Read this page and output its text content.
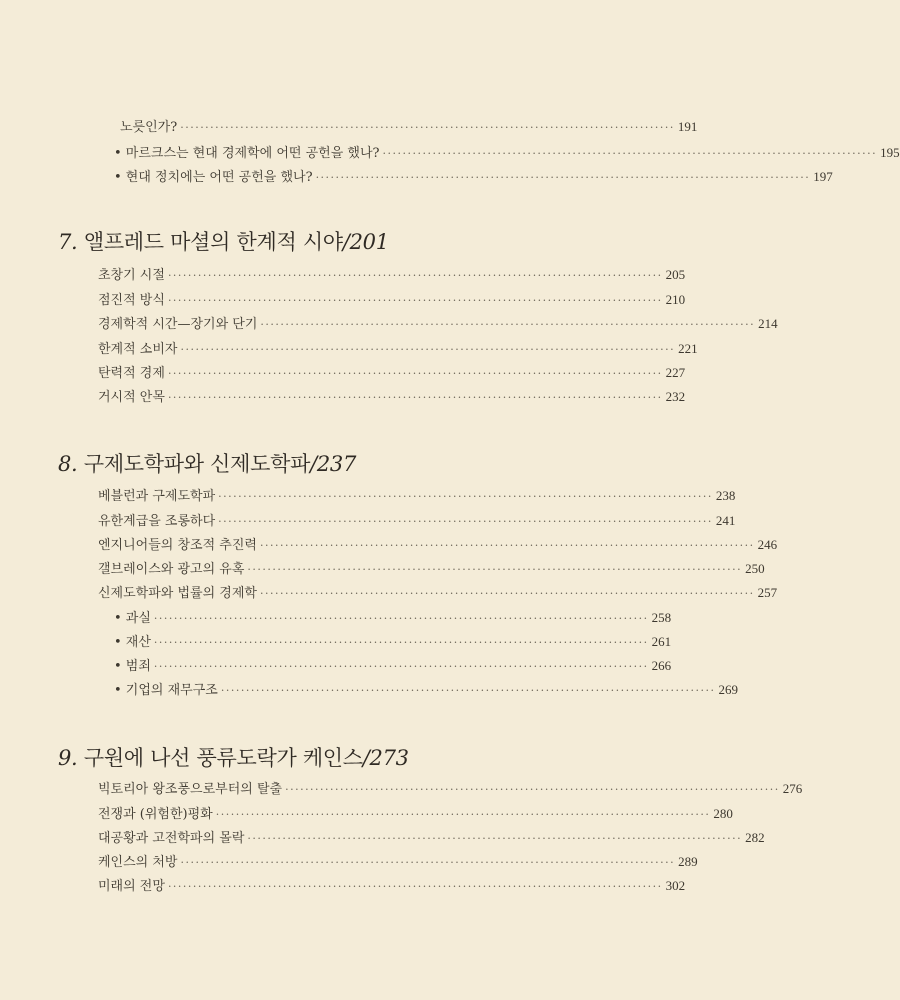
노릇인가? ··································································································· 191
• 마르크스는 현대 경제학에 어떤 공헌을 했나? ··································································································· 195
• 현대 정치에는 어떤 공헌을 했나? ··································································································· 197
7. 앨프레드 마셜의 한계적 시야/201
초창기 시절 ··································································································· 205
점진적 방식 ··································································································· 210
경제학적 시간—장기와 단기 ··································································································· 214
한계적 소비자 ··································································································· 221
탄력적 경제 ··································································································· 227
거시적 안목 ··································································································· 232
8. 구제도학파와 신제도학파/237
베블런과 구제도학파 ··································································································· 238
유한계급을 조롱하다 ··································································································· 241
엔지니어들의 창조적 추진력 ··································································································· 246
갤브레이스와 광고의 유혹 ··································································································· 250
신제도학파와 법률의 경제학 ··································································································· 257
• 과실 ··································································································· 258
• 재산 ··································································································· 261
• 범죄 ··································································································· 266
• 기업의 재무구조 ··································································································· 269
9. 구원에 나선 풍류도락가 케인스/273
빅토리아 왕조풍으로부터의 탈출 ··································································································· 276
전쟁과 (위험한)평화 ··································································································· 280
대공황과 고전학파의 몰락 ··································································································· 282
케인스의 처방 ··································································································· 289
미래의 전망 ··································································································· 302
